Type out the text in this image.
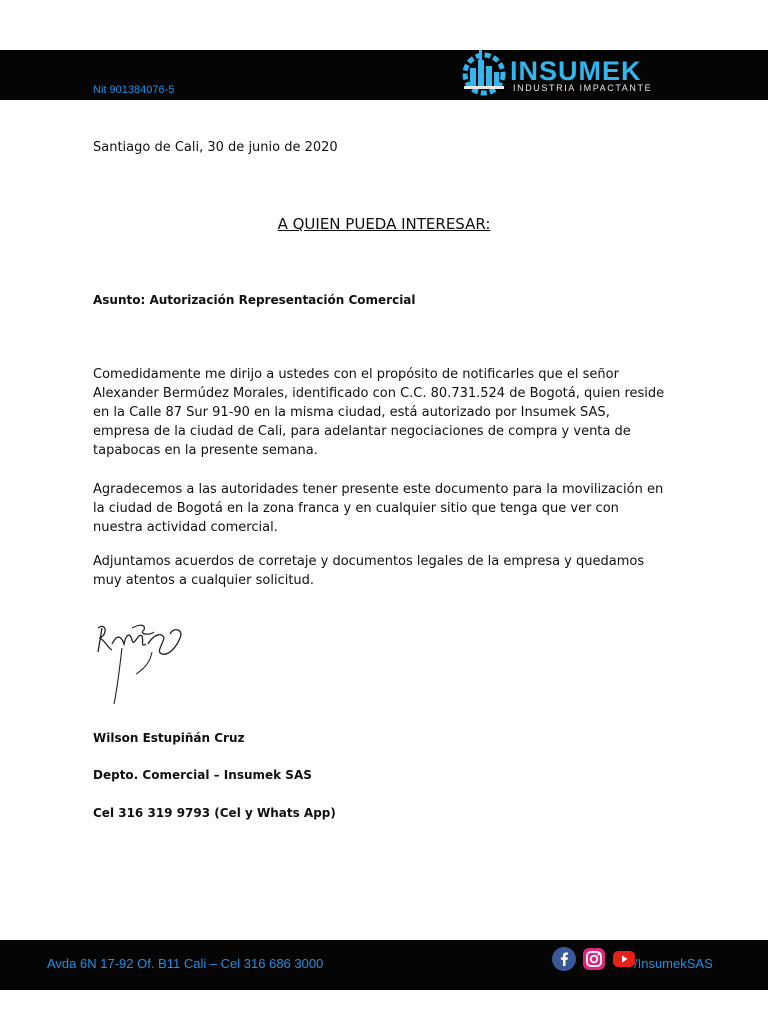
Nit 901384076-5
INSUMEK
INDUSTRIA IMPACTANTE
Santiago de Cali, 30 de junio de 2020
A QUIEN PUEDA INTERESAR:
Asunto: Autorización Representación Comercial

Comedidamente me dirijo a ustedes con el propósito de notificarles que el señor Alexander Bermúdez Morales, identificado con C.C. 80.731.524 de Bogotá, quien reside en la Calle 87 Sur 91-90 en la misma ciudad, está autorizado por Insumek SAS, empresa de la ciudad de Cali, para adelantar negociaciones de compra y venta de tapabocas en la presente semana.

Agradecemos a las autoridades tener presente este documento para la movilización en la ciudad de Bogotá en la zona franca y en cualquier sitio que tenga que ver con nuestra actividad comercial.

Adjuntamos acuerdos de corretaje y documentos legales de la empresa y quedamos muy atentos a cualquier solicitud.

Wilson Estupiñán Cruz
Depto. Comercial – Insumek SAS
Cel 316 319 9793 (Cel y Whats App)
Avda 6N 17-92 Of. B11 Cali – Cel 316 686 3000	/InsumekSAS
